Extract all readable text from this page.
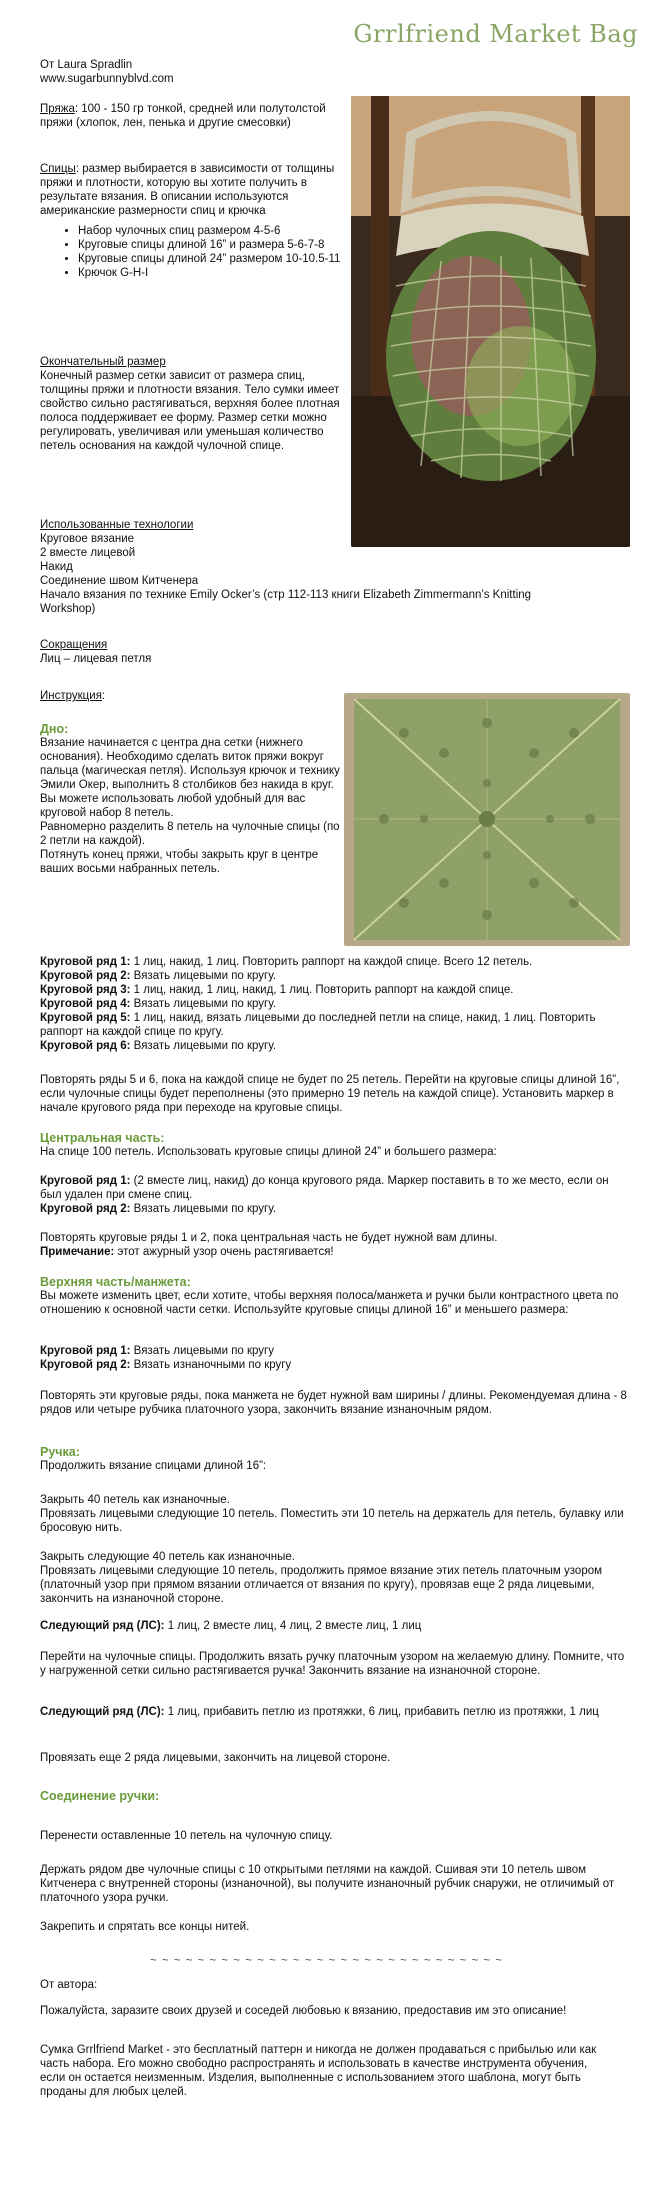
Grrlfriend Market Bag

От Laura Spradlin

www.sugarbunnyblvd.com

Пряжа: 100 - 150 гр тонкой, средней или полутолстой пряжи (хлопок, лен, пенька и другие смесовки)

Спицы: размер выбирается в зависимости от толщины пряжи и плотности, которую вы хотите получить в результате вязания. В описании используются американские размерности спиц и крючка

• Набор чулочных спиц размером 4-5-6
• Круговые спицы длиной 16” и размера 5-6-7-8
• Круговые спицы длиной 24” размером 10-10.5-11
• Крючок G-H-I

Окончательный размер

Конечный размер сетки зависит от размера спиц, толщины пряжи и плотности вязания. Тело сумки имеет свойство сильно растягиваться, верхняя более плотная полоса поддерживает ее форму. Размер сетки можно регулировать, увеличивая или уменьшая количество петель основания на каждой чулочной спице.

Использованные технологии

Круговое вязание

2 вместе лицевой

Накид

Соединение швом Китченера

Начало вязания по технике Emily Ocker’s (стр 112-113 книги Elizabeth Zimmermann’s Knitting Workshop)

Сокращения

Лиц – лицевая петля

Инструкция:

Дно:

Вязание начинается с центра дна сетки (нижнего основания). Необходимо сделать виток пряжи вокруг пальца (магическая петля). Используя крючок и технику Эмили Окер, выполнить 8 столбиков без накида в круг.

Вы можете использовать любой удобный для вас круговой набор 8 петель.

Равномерно разделить 8 петель на чулочные спицы (по 2 петли на каждой).

Потянуть конец пряжи, чтобы закрыть круг в центре ваших восьми набранных петель.

Круговой ряд 1: 1 лиц, накид, 1 лиц. Повторить раппорт на каждой спице. Всего 12 петель.

Круговой ряд 2: Вязать лицевыми по кругу.

Круговой ряд 3: 1 лиц, накид, 1 лиц, накид, 1 лиц. Повторить раппорт на каждой спице.

Круговой ряд 4: Вязать лицевыми по кругу.

Круговой ряд 5: 1 лиц, накид, вязать лицевыми до последней петли на спице, накид, 1 лиц. Повторить раппорт на каждой спице по кругу.

Круговой ряд 6: Вязать лицевыми по кругу.

Повторять ряды 5 и 6, пока на каждой спице не будет по 25 петель. Перейти на круговые спицы длиной 16”, если чулочные спицы будет переполнены (это примерно 19 петель на каждой спице). Установить маркер в начале кругового ряда при переходе на круговые спицы.

Центральная часть:

На спице 100 петель. Использовать круговые спицы длиной 24” и большего размера:

Круговой ряд 1: (2 вместе лиц, накид) до конца кругового ряда. Маркер поставить в то же место, если он был удален при смене спиц.

Круговой ряд 2: Вязать лицевыми по кругу.

Повторять круговые ряды 1 и 2, пока центральная часть не будет нужной вам длины.

Примечание: этот ажурный узор очень растягивается!

Верхняя часть/манжета:

Вы можете изменить цвет, если хотите, чтобы верхняя полоса/манжета и ручки были контрастного цвета по отношению к основной части сетки. Используйте круговые спицы длиной 16” и меньшего размера:

Круговой ряд 1: Вязать лицевыми по кругу

Круговой ряд 2: Вязать изнаночными по кругу

Повторять эти круговые ряды, пока манжета не будет нужной вам ширины / длины. Рекомендуемая длина - 8 рядов или четыре рубчика платочного узора, закончить вязание изнаночным рядом.

Ручка:

Продолжить вязание спицами длиной 16”:

Закрыть 40 петель как изнаночные.

Провязать лицевыми следующие 10 петель. Поместить эти 10 петель на держатель для петель, булавку или бросовую нить.

Закрыть следующие 40 петель как изнаночные.

Провязать лицевыми следующие 10 петель, продолжить прямое вязание этих петель платочным узором (платочный узор при прямом вязании отличается от вязания по кругу), провязав еще 2 ряда лицевыми, закончить на изнаночной стороне.

Следующий ряд (ЛС): 1 лиц, 2 вместе лиц, 4 лиц, 2 вместе лиц, 1 лиц

Перейти на чулочные спицы. Продолжить вязать ручку платочным узором на желаемую длину. Помните, что у нагруженной сетки сильно растягивается ручка! Закончить вязание на изнаночной стороне.

Следующий ряд (ЛС): 1 лиц, прибавить петлю из протяжки, 6 лиц, прибавить петлю из протяжки, 1 лиц

Провязать еще 2 ряда лицевыми, закончить на лицевой стороне.

Соединение ручки:

Перенести оставленные 10 петель на чулочную спицу.

Держать рядом две чулочные спицы с 10 открытыми петлями на каждой. Сшивая эти 10 петель швом Китченера с внутренней стороны (изнаночной), вы получите изнаночный рубчик снаружи, не отличимый от платочного узора ручки.

Закрепить и спрятать все концы нитей.

~ ~ ~ ~ ~ ~ ~ ~ ~ ~ ~ ~ ~ ~ ~ ~ ~ ~ ~ ~ ~ ~ ~ ~ ~ ~ ~ ~ ~ ~

От автора:

Пожалуйста, заразите своих друзей и соседей любовью к вязанию, предоставив им это описание!

Сумка Grrlfriend Market - это бесплатный паттерн и никогда не должен продаваться с прибылью или как часть набора. Его можно свободно распространять и использовать в качестве инструмента обучения, если он остается неизменным. Изделия, выполненные с использованием этого шаблона, могут быть проданы для любых целей.
